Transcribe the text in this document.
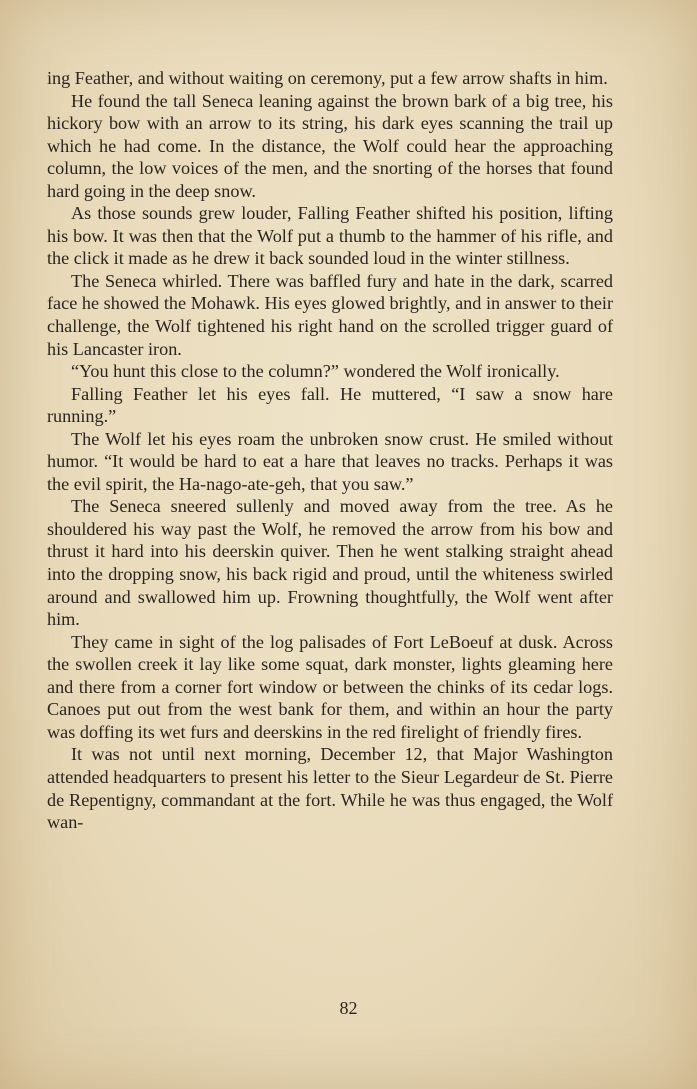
ing Feather, and without waiting on ceremony, put a few arrow shafts in him.

He found the tall Seneca leaning against the brown bark of a big tree, his hickory bow with an arrow to its string, his dark eyes scanning the trail up which he had come. In the distance, the Wolf could hear the approaching column, the low voices of the men, and the snorting of the horses that found hard going in the deep snow.

As those sounds grew louder, Falling Feather shifted his position, lifting his bow. It was then that the Wolf put a thumb to the hammer of his rifle, and the click it made as he drew it back sounded loud in the winter stillness.

The Seneca whirled. There was baffled fury and hate in the dark, scarred face he showed the Mohawk. His eyes glowed brightly, and in answer to their challenge, the Wolf tightened his right hand on the scrolled trigger guard of his Lancaster iron.

“You hunt this close to the column?” wondered the Wolf ironically.

Falling Feather let his eyes fall. He muttered, “I saw a snow hare running.”

The Wolf let his eyes roam the unbroken snow crust. He smiled without humor. “It would be hard to eat a hare that leaves no tracks. Perhaps it was the evil spirit, the Ha-nago-ate-geh, that you saw.”

The Seneca sneered sullenly and moved away from the tree. As he shouldered his way past the Wolf, he removed the arrow from his bow and thrust it hard into his deerskin quiver. Then he went stalking straight ahead into the dropping snow, his back rigid and proud, until the whiteness swirled around and swallowed him up. Frowning thoughtfully, the Wolf went after him.

They came in sight of the log palisades of Fort LeBoeuf at dusk. Across the swollen creek it lay like some squat, dark monster, lights gleaming here and there from a corner fort window or between the chinks of its cedar logs. Canoes put out from the west bank for them, and within an hour the party was doffing its wet furs and deerskins in the red firelight of friendly fires.

It was not until next morning, December 12, that Major Washington attended headquarters to present his letter to the Sieur Legardeur de St. Pierre de Repentigny, commandant at the fort. While he was thus engaged, the Wolf wan-

82
